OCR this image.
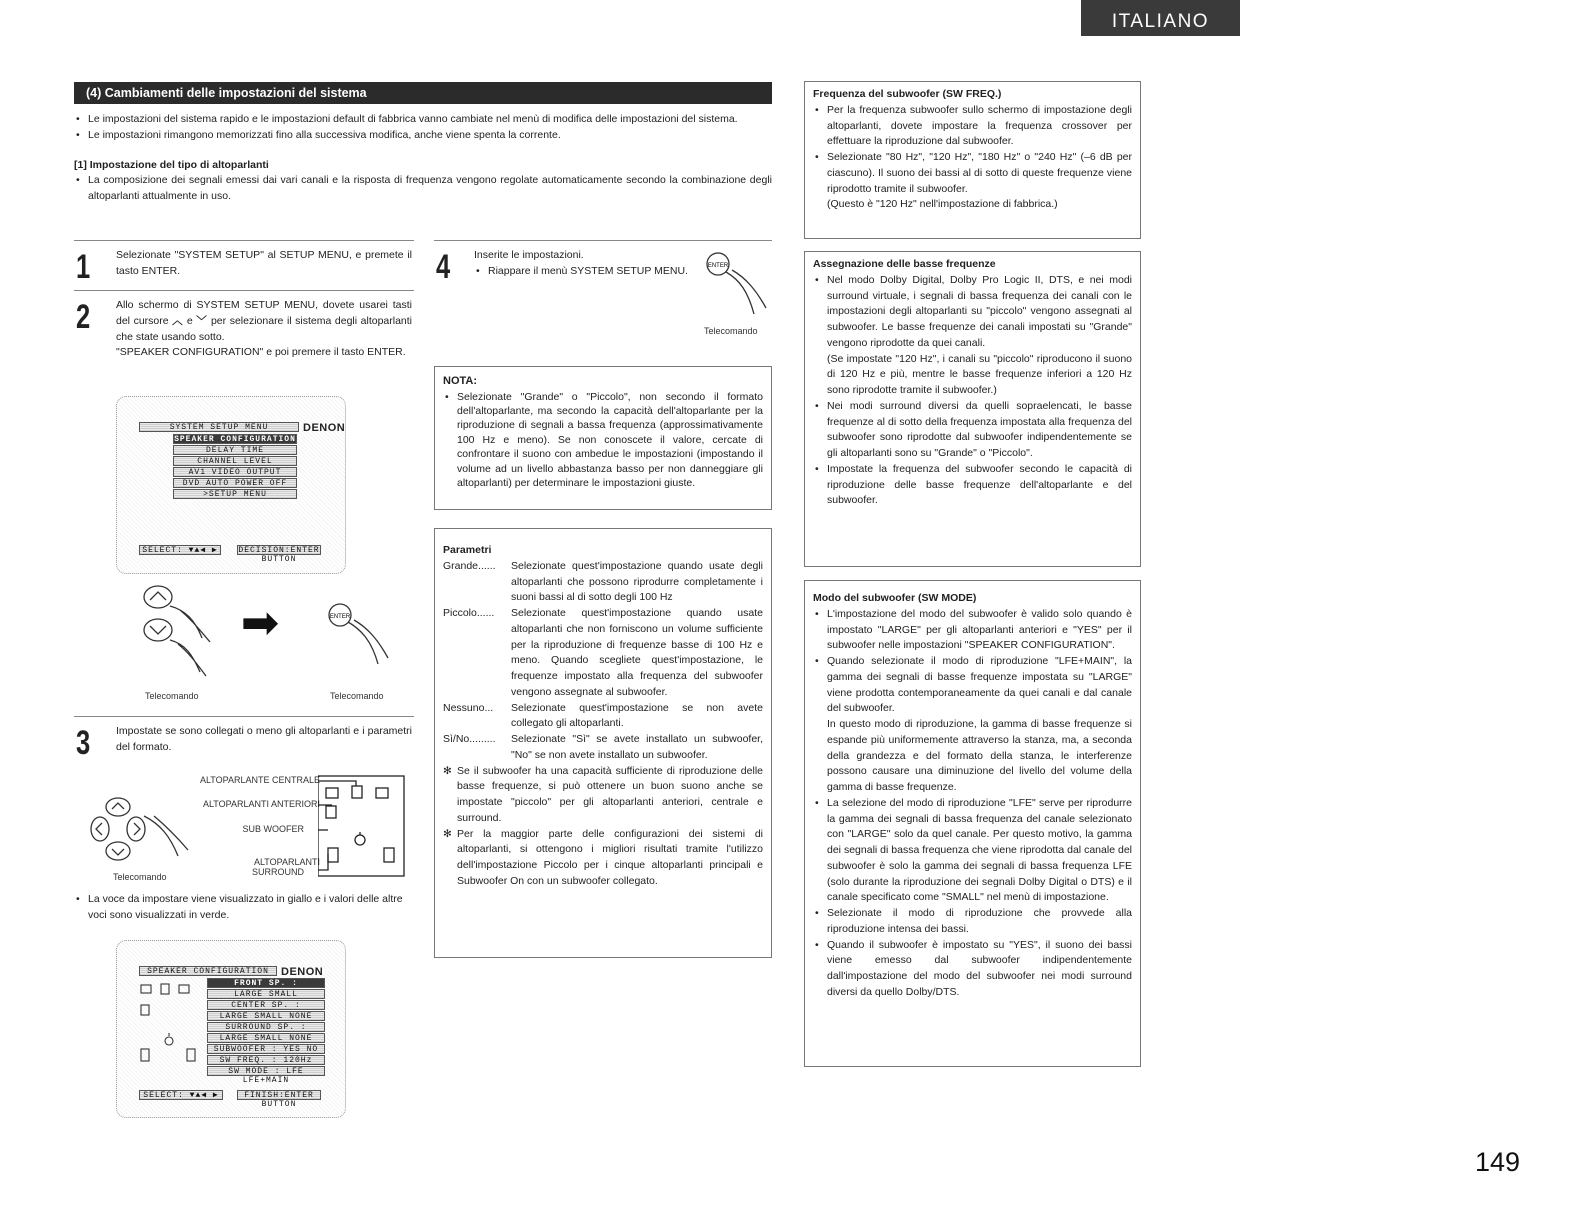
ITALIANO
(4) Cambiamenti delle impostazioni del sistema
• Le impostazioni del sistema rapido e le impostazioni default di fabbrica vanno cambiate nel menù di modifica delle impostazioni del sistema.
• Le impostazioni rimangono memorizzati fino alla successiva modifica, anche viene spenta la corrente.
[1] Impostazione del tipo di altoparlanti
• La composizione dei segnali emessi dai vari canali e la risposta di frequenza vengono regolate automaticamente secondo la combinazione degli altoparlanti attualmente in uso.
1 Selezionate "SYSTEM SETUP" al SETUP MENU, e premete il tasto ENTER.
2 Allo schermo di SYSTEM SETUP MENU, dovete usarei tasti del cursore ︿ e ﹀ per selezionare il sistema degli altoparlanti che state usando sotto.
"SPEAKER CONFIGURATION" e poi premere il tasto ENTER.
SYSTEM SETUP MENU	DENON
SPEAKER CONFIGURATION
DELAY TIME
CHANNEL LEVEL
AV1 VIDEO OUTPUT
DVD AUTO POWER OFF
>SETUP MENU
SELECT: ▼▲◀ ▶	DECISION:ENTER BUTTON
ENTER
➡
Telecomando	Telecomando
3 Impostate se sono collegati o meno gli altoparlanti e i parametri del formato.
Telecomando
ALTOPARLANTE CENTRALE
ALTOPARLANTI ANTERIORI
SUB WOOFER
ALTOPARLANTI
SURROUND
• La voce da impostare viene visualizzato in giallo e i valori delle altre voci sono visualizzati in verde.
SPEAKER CONFIGURATION	DENON
FRONT SP. :
LARGE SMALL
CENTER SP. :
LARGE SMALL NONE
SURROUND SP. :
LARGE SMALL NONE
SUBWOOFER : YES NO
SW FREQ. : 120Hz
SW MODE : LFE LFE+MAIN
SELECT: ▼▲◀ ▶	FINISH:ENTER BUTTON
4 Inserite le impostazioni.
• Riappare il menù SYSTEM SETUP MENU.	ENTER
Telecomando
NOTA:
• Selezionate "Grande" o "Piccolo", non secondo il formato dell'altoparlante, ma secondo la capacità dell'altoparlante per la riproduzione di segnali a bassa frequenza (approssimativamente 100 Hz e meno). Se non conoscete il valore, cercate di confrontare il suono con ambedue le impostazioni (impostando il volume ad un livello abbastanza basso per non danneggiare gli altoparlanti) per determinare le impostazioni giuste.
Parametri
Grande......	Selezionate quest'impostazione quando usate degli altoparlanti che possono riprodurre completamente i suoni bassi al di sotto degli 100 Hz
Piccolo......	Selezionate quest'impostazione quando usate altoparlanti che non forniscono un volume sufficiente per la riproduzione di frequenze basse di 100 Hz e meno. Quando scegliete quest'impostazione, le frequenze impostato alla frequenza del subwoofer vengono assegnate al subwoofer.
Nessuno...	Selezionate quest'impostazione se non avete collegato gli altoparlanti.
Sì/No.........	Selezionate "Sì" se avete installato un subwoofer, "No" se non avete installato un subwoofer.
✻ Se il subwoofer ha una capacità sufficiente di riproduzione delle basse frequenze, si può ottenere un buon suono anche se impostate "piccolo" per gli altoparlanti anteriori, centrale e surround.
✻ Per la maggior parte delle configurazioni dei sistemi di altoparlanti, si ottengono i migliori risultati tramite l'utilizzo dell'impostazione Piccolo per i cinque altoparlanti principali e Subwoofer On con un subwoofer collegato.
Frequenza del subwoofer (SW FREQ.)
• Per la frequenza subwoofer sullo schermo di impostazione degli altoparlanti, dovete impostare la frequenza crossover per effettuare la riproduzione dal subwoofer.
• Selezionate "80 Hz", "120 Hz", "180 Hz" o "240 Hz" (–6 dB per ciascuno). Il suono dei bassi al di sotto di queste frequenze viene riprodotto tramite il subwoofer.
(Questo è "120 Hz" nell'impostazione di fabbrica.)
Assegnazione delle basse frequenze
• Nel modo Dolby Digital, Dolby Pro Logic II, DTS, e nei modi surround virtuale, i segnali di bassa frequenza dei canali con le impostazioni degli altoparlanti su "piccolo" vengono assegnati al subwoofer. Le basse frequenze dei canali impostati su "Grande" vengono riprodotte da quei canali.
(Se impostate "120 Hz", i canali su "piccolo" riproducono il suono di 120 Hz e più, mentre le basse frequenze inferiori a 120 Hz sono riprodotte tramite il subwoofer.)
• Nei modi surround diversi da quelli sopraelencati, le basse frequenze al di sotto della frequenza impostata alla frequenza del subwoofer sono riprodotte dal subwoofer indipendentemente se gli altoparlanti sono su "Grande" o "Piccolo".
• Impostate la frequenza del subwoofer secondo le capacità di riproduzione delle basse frequenze dell'altoparlante e del subwoofer.
Modo del subwoofer (SW MODE)
• L'impostazione del modo del subwoofer è valido solo quando è impostato "LARGE" per gli altoparlanti anteriori e "YES" per il subwoofer nelle impostazioni "SPEAKER CONFIGURATION".
• Quando selezionate il modo di riproduzione "LFE+MAIN", la gamma dei segnali di basse frequenze impostata su "LARGE" viene prodotta contemporaneamente da quei canali e dal canale del subwoofer.
In questo modo di riproduzione, la gamma di basse frequenze si espande più uniformemente attraverso la stanza, ma, a seconda della grandezza e del formato della stanza, le interferenze possono causare una diminuzione del livello del volume della gamma di basse frequenze.
• La selezione del modo di riproduzione "LFE" serve per riprodurre la gamma dei segnali di bassa frequenza del canale selezionato con "LARGE" solo da quel canale. Per questo motivo, la gamma dei segnali di bassa frequenza che viene riprodotta dal canale del subwoofer è solo la gamma dei segnali di bassa frequenza LFE (solo durante la riproduzione dei segnali Dolby Digital o DTS) e il canale specificato come "SMALL" nel menù di impostazione.
• Selezionate il modo di riproduzione che provvede alla riproduzione intensa dei bassi.
• Quando il subwoofer è impostato su "YES", il suono dei bassi viene emesso dal subwoofer indipendentemente dall'impostazione del modo del subwoofer nei modi surround diversi da quello Dolby/DTS.
149
